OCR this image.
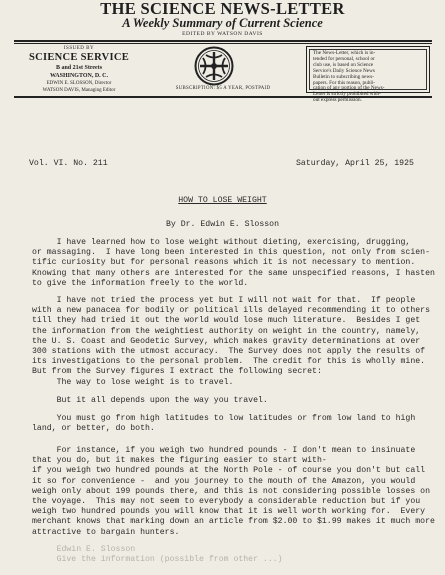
THE SCIENCE NEWS-LETTER
A Weekly Summary of Current Science
EDITED BY WATSON DAVIS
ISSUED BY
SCIENCE SERVICE
B and 21st Streets
WASHINGTON, D. C.
EDWIN E. SLOSSON, Director
WATSON DAVIS, Managing Editor	SUBSCRIPTION: $5 A YEAR, POSTPAID
The News-Letter, which is in-
tended for personal, school or
club use, is based on Science
Service's Daily Science News
Bulletin to subscribing news-
papers. For this reason, publi-
cation of any portion of the News-
Letter is strictly prohibited with-
out express permission.
Vol. VI. No. 211	Saturday, April 25, 1925
HOW TO LOSE WEIGHT
By Dr. Edwin E. Slosson

I have learned how to lose weight without dieting, exercising, drugging,
or massaging.  I have long been interested in this question, not only from scien-
tific curiosity but for personal reasons which it is not necessary to mention.
Knowing that many others are interested for the same unspecified reasons, I hasten
to give the information freely to the world.

I have not tried the process yet but I will not wait for that.  If people
with a new panacea for bodily or political ills delayed recommending it to others
till they had tried it out the world would lose much literature.  Besides I get
the information from the weightiest authority on weight in the country, namely,
the U. S. Coast and Geodetic Survey, which makes gravity determinations at over
300 stations with the utmost accuracy.  The Survey does not apply the results of
its investigations to the personal problem.  The credit for this is wholly mine.
But from the Survey figures I extract the following secret:

The way to lose weight is to travel.

But it all depends upon the way you travel.

You must go from high latitudes to low latitudes or from low land to high
land, or better, do both.

For instance, if you weigh two hundred pounds - I don't mean to insinuate
that you do, but it makes the figuring easier to start with-
if you weigh two hundred pounds at the North Pole - of course you don't but call
it so for convenience -  and you journey to the mouth of the Amazon, you would
weigh only about 199 pounds there, and this is not considering possible losses on
the voyage.  This may not seem to everybody a considerable reduction but if you
weigh two hundred pounds you will know that it is well worth working for.  Every
merchant knows that marking down an article from $2.00 to $1.99 makes it much more
attractive to bargain hunters.

Edwin E. Slosson
Give the information (possible from other ...)
